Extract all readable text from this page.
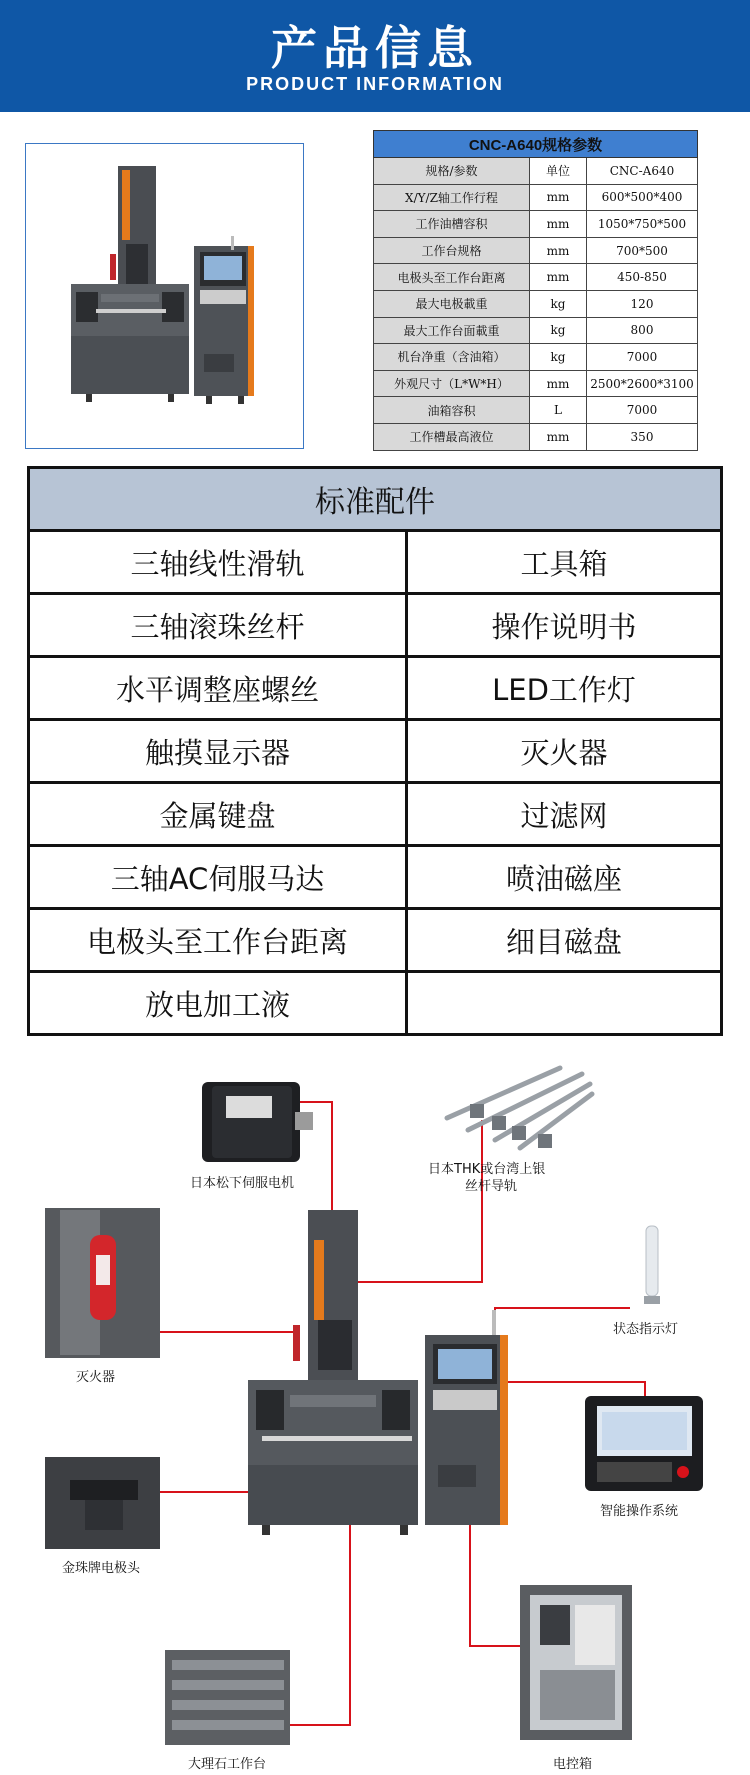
产品信息
PRODUCT INFORMATION
CNC-A640规格参数		
规格/参数	单位	CNC-A640
X/Y/Z轴工作行程	mm	600*500*400
工作油槽容积	mm	1050*750*500
工作台规格	mm	700*500
电极头至工作台距离	mm	450-850
最大电极載重	kg	120
最大工作台面載重	kg	800
机台净重（含油箱）	kg	7000
外观尺寸（L*W*H）	mm	2500*2600*3100
油箱容积	L	7000
工作槽最高液位	mm	350
标准配件	
三轴线性滑轨	工具箱
三轴滚珠丝杆	操作说明书
水平调整座螺丝	LED工作灯
触摸显示器	灭火器
金属键盘	过滤网
三轴AC伺服马达	喷油磁座
电极头至工作台距离	细目磁盘
放电加工液	
日本松下伺服电机
日本THK或台湾上银
丝杆导轨
状态指示灯
灭火器
智能操作系统
金珠牌电极头
大理石工作台	电控箱
